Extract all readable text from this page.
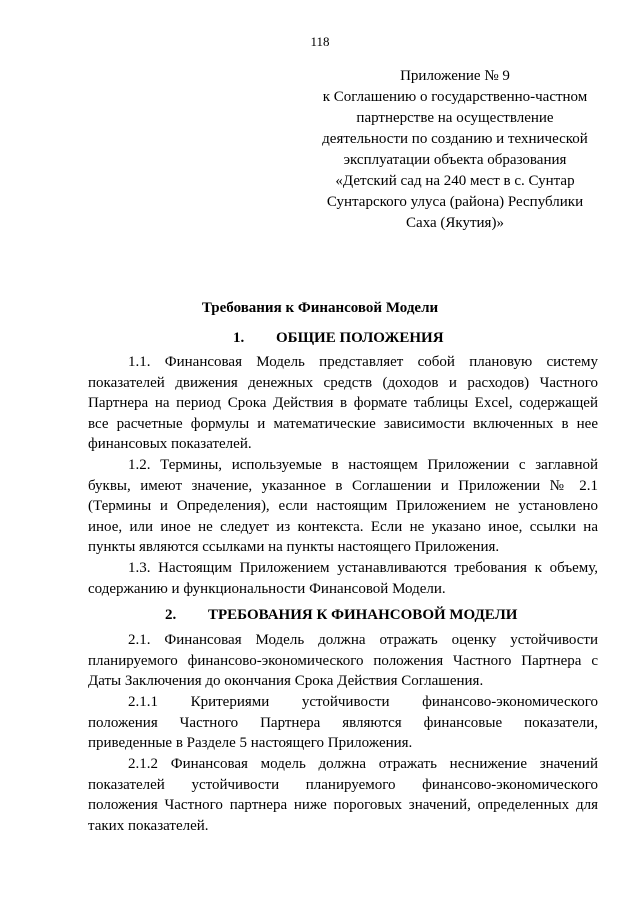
118
Приложение № 9
к Соглашению о государственно-частном
партнерстве на осуществление
деятельности по созданию и технической
эксплуатации объекта образования
«Детский сад на 240 мест в с. Сунтар
Сунтарского улуса (района) Республики
Саха (Якутия)»
Требования к Финансовой Модели
1. ОБЩИЕ ПОЛОЖЕНИЯ
1.1. Финансовая Модель представляет собой плановую систему
показателей движения денежных средств (доходов и расходов) Частного
Партнера на период Срока Действия в формате таблицы Excel, содержащей
все расчетные формулы и математические зависимости включенных в нее
финансовых показателей.
1.2. Термины, используемые в настоящем Приложении с заглавной
буквы, имеют значение, указанное в Соглашении и Приложении № 2.1
(Термины и Определения), если настоящим Приложением не установлено
иное, или иное не следует из контекста. Если не указано иное, ссылки на
пункты являются ссылками на пункты настоящего Приложения.
1.3. Настоящим Приложением устанавливаются требования к объему,
содержанию и функциональности Финансовой Модели.
2. ТРЕБОВАНИЯ К ФИНАНСОВОЙ МОДЕЛИ
2.1. Финансовая Модель должна отражать оценку устойчивости
планируемого финансово-экономического положения Частного Партнера с
Даты Заключения до окончания Срока Действия Соглашения.
2.1.1 Критериями устойчивости финансово-экономического
положения Частного Партнера являются финансовые показатели,
приведенные в Разделе 5 настоящего Приложения.
2.1.2 Финансовая модель должна отражать неснижение значений
показателей устойчивости планируемого финансово-экономического
положения Частного партнера ниже пороговых значений, определенных для
таких показателей.
